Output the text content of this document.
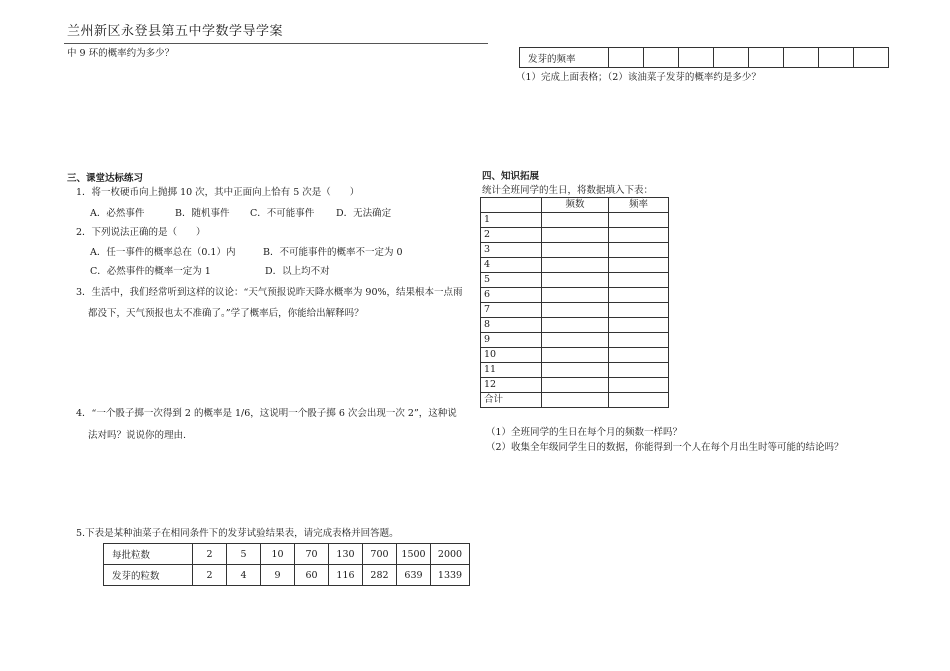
兰州新区永登县第五中学数学导学案
中 9 环的概率约为多少？
三、课堂达标练习
1．将一枚硬币向上抛掷 10 次，其中正面向上恰有 5 次是（　　）
A．必然事件	B．随机事件 C．不可能事件 D．无法确定
2．下列说法正确的是（　　）
A．任一事件的概率总在（0.1）内	B．不可能事件的概率不一定为 0
C．必然事件的概率一定为 1	D．以上均不对
3．生活中，我们经常听到这样的议论：“天气预报说昨天降水概率为 90%，结果根本一点雨
都没下，天气预报也太不准确了。”学了概率后，你能给出解释吗？
4．“一个骰子掷一次得到 2 的概率是 1/6，这说明一个骰子掷 6 次会出现一次 2”，这种说
法对吗？说说你的理由.
5.下表是某种油菜子在相同条件下的发芽试验结果表，请完成表格并回答题。
每批粒数	2	5	10	70	130	700	1500	2000
发芽的粒数	2	4	9	60	116	282	639	1339
发芽的频率								
（1）完成上面表格；（2）该油菜子发芽的概率约是多少？
四、知识拓展
统计全班同学的生日，将数据填入下表：
	频数	频率
1		
2		
3		
4		
5		
6		
7		
8		
9		
10		
11		
12		
合计		
（1）全班同学的生日在每个月的频数一样吗？
（2）收集全年级同学生日的数据，你能得到一个人在每个月出生时等可能的结论吗？
